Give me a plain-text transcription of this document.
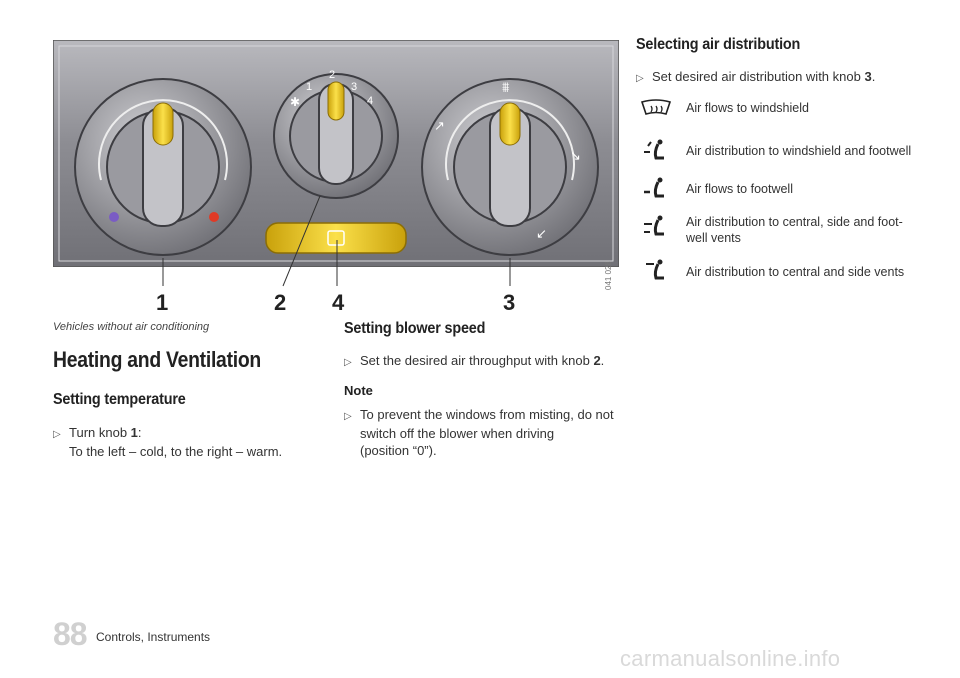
✱
1
2
3
4
⩩
↗
↘
↙
1	2 4	3
041 028
Vehicles without air conditioning
Heating and Ventilation
Setting temperature
▷ Turn knob 1:
To the left – cold, to the right – warm.
Setting blower speed
▷ Set the desired air throughput with knob 2.
Note
▷ To prevent the windows from misting, do not
switch off the blower when driving
(position “0”).
Selecting air distribution
▷ Set desired air distribution with knob 3.
Air flows to windshield
Air distribution to windshield and footwell
Air flows to footwell
Air distribution to central, side and foot-
well vents
Air distribution to central and side vents
88 Controls, Instruments
carmanualsonline.info
